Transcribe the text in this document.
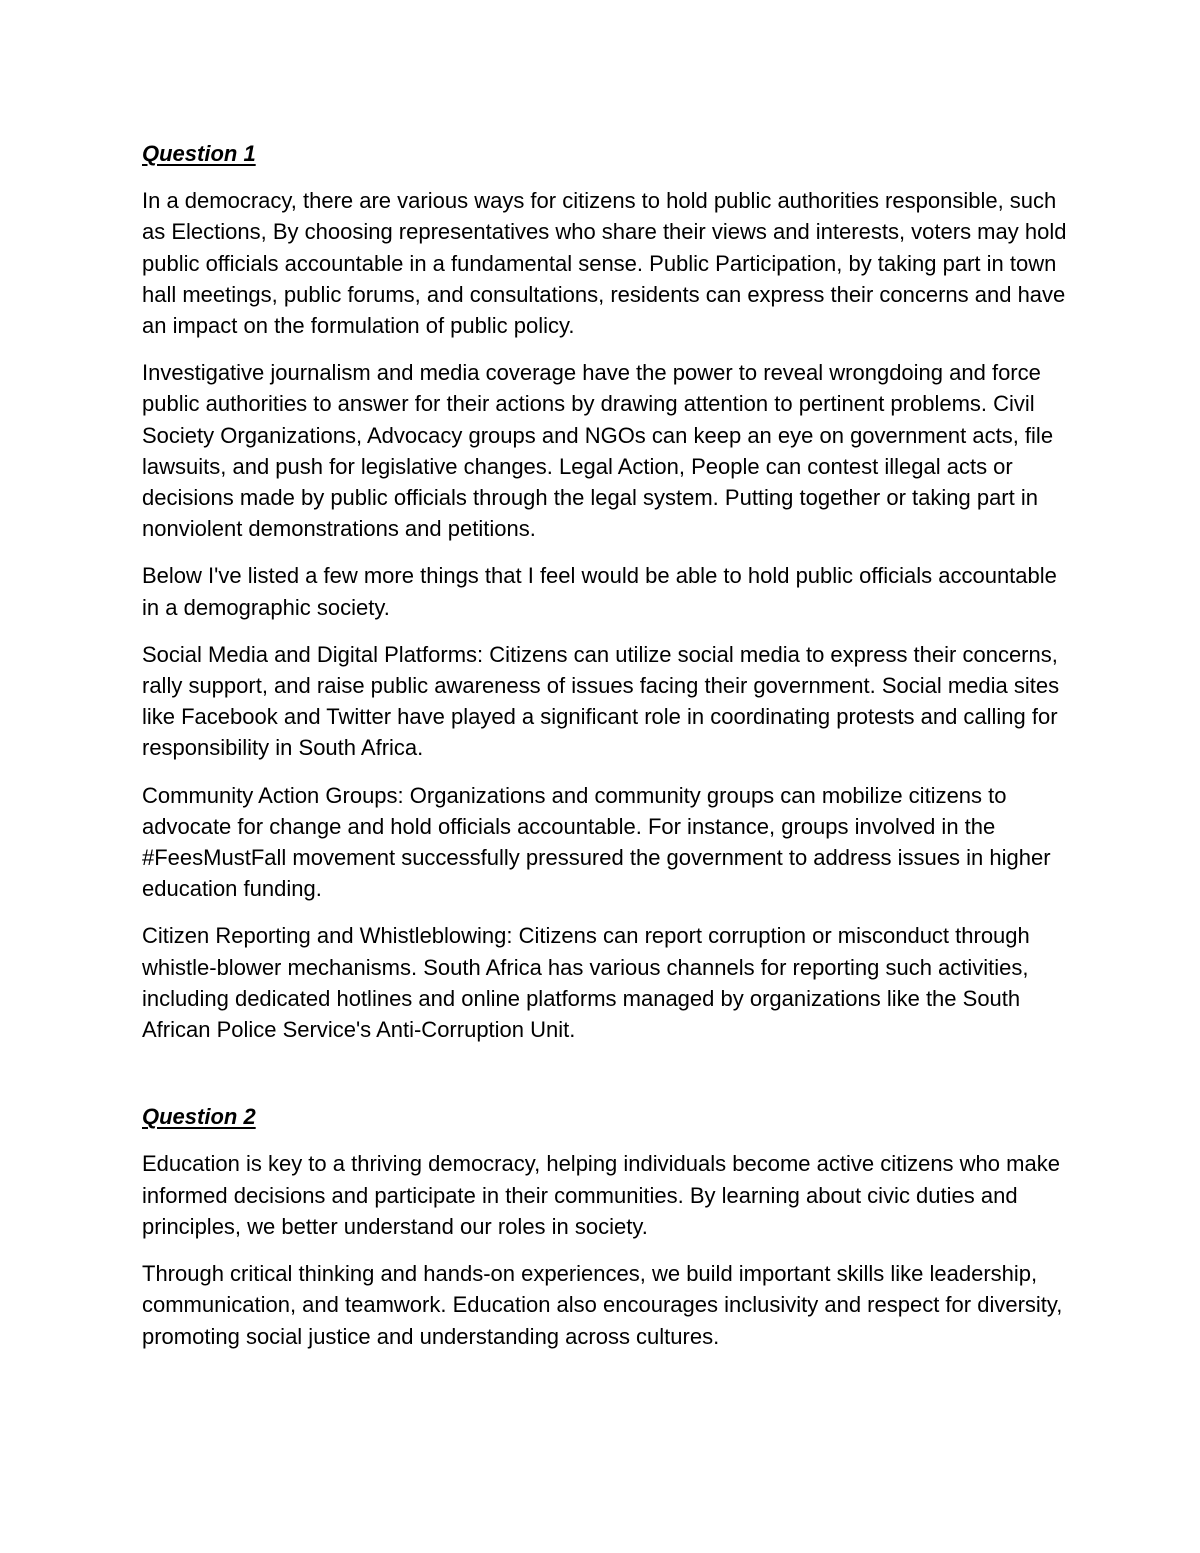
Question 1

In a democracy, there are various ways for citizens to hold public authorities responsible, such as Elections, By choosing representatives who share their views and interests, voters may hold public officials accountable in a fundamental sense. Public Participation, by taking part in town hall meetings, public forums, and consultations, residents can express their concerns and have an impact on the formulation of public policy.

Investigative journalism and media coverage have the power to reveal wrongdoing and force public authorities to answer for their actions by drawing attention to pertinent problems. Civil Society Organizations, Advocacy groups and NGOs can keep an eye on government acts, file lawsuits, and push for legislative changes. Legal Action, People can contest illegal acts or decisions made by public officials through the legal system. Putting together or taking part in nonviolent demonstrations and petitions.

Below I've listed a few more things that I feel would be able to hold public officials accountable in a demographic society.

Social Media and Digital Platforms: Citizens can utilize social media to express their concerns, rally support, and raise public awareness of issues facing their government. Social media sites like Facebook and Twitter have played a significant role in coordinating protests and calling for responsibility in South Africa.

Community Action Groups: Organizations and community groups can mobilize citizens to advocate for change and hold officials accountable. For instance, groups involved in the #FeesMustFall movement successfully pressured the government to address issues in higher education funding.

Citizen Reporting and Whistleblowing: Citizens can report corruption or misconduct through whistle-blower mechanisms. South Africa has various channels for reporting such activities, including dedicated hotlines and online platforms managed by organizations like the South African Police Service's Anti-Corruption Unit.

Question 2

Education is key to a thriving democracy, helping individuals become active citizens who make informed decisions and participate in their communities. By learning about civic duties and principles, we better understand our roles in society.

Through critical thinking and hands-on experiences, we build important skills like leadership, communication, and teamwork. Education also encourages inclusivity and respect for diversity, promoting social justice and understanding across cultures.
